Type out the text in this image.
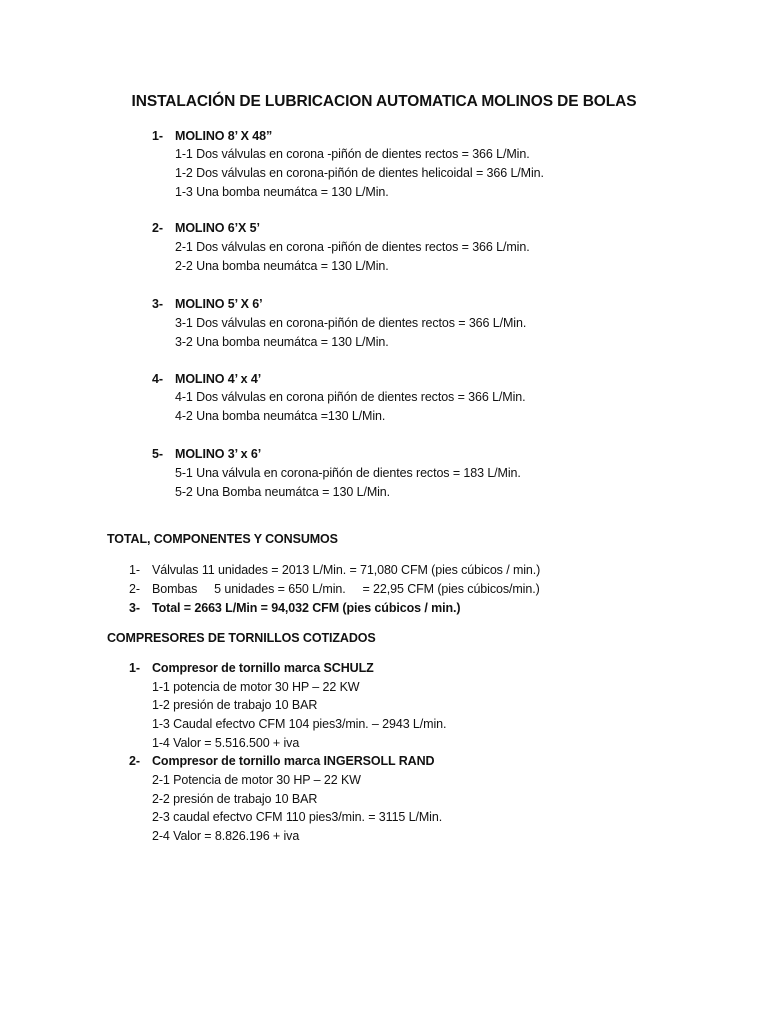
INSTALACIÓN DE LUBRICACION AUTOMATICA MOLINOS DE BOLAS
1- MOLINO 8’ X 48”
1-1 Dos válvulas en corona -piñón de dientes rectos = 366 L/Min.
1-2 Dos válvulas en corona-piñón de dientes helicoidal = 366 L/Min.
1-3 Una bomba neumátca = 130 L/Min.
2- MOLINO 6’X 5’
2-1 Dos válvulas en corona -piñón de dientes rectos = 366 L/min.
2-2 Una bomba neumátca = 130 L/Min.
3- MOLINO 5’ X 6’
3-1 Dos válvulas en corona-piñón de dientes rectos = 366 L/Min.
3-2 Una bomba neumátca = 130 L/Min.
4- MOLINO 4’ x 4’
4-1 Dos válvulas en corona piñón de dientes rectos = 366 L/Min.
4-2 Una bomba neumátca =130 L/Min.
5- MOLINO 3’ x 6’
5-1 Una válvula en corona-piñón de dientes rectos = 183 L/Min.
5-2 Una Bomba neumátca = 130 L/Min.
TOTAL, COMPONENTES Y CONSUMOS
1- Válvulas 11 unidades = 2013 L/Min. = 71,080 CFM (pies cúbicos / min.)
2- Bombas     5 unidades = 650 L/min.     = 22,95 CFM (pies cúbicos/min.)
3- Total = 2663 L/Min = 94,032 CFM (pies cúbicos / min.)
COMPRESORES DE TORNILLOS COTIZADOS
1- Compresor de tornillo marca SCHULZ
1-1 potencia de motor 30 HP – 22 KW
1-2 presión de trabajo 10 BAR
1-3 Caudal efectvo CFM 104 pies3/min. – 2943 L/min.
1-4 Valor = 5.516.500 + iva
2- Compresor de tornillo marca INGERSOLL RAND
2-1 Potencia de motor 30 HP – 22 KW
2-2 presión de trabajo 10 BAR
2-3 caudal efectvo CFM 110 pies3/min. = 3115 L/Min.
2-4 Valor = 8.826.196 + iva
